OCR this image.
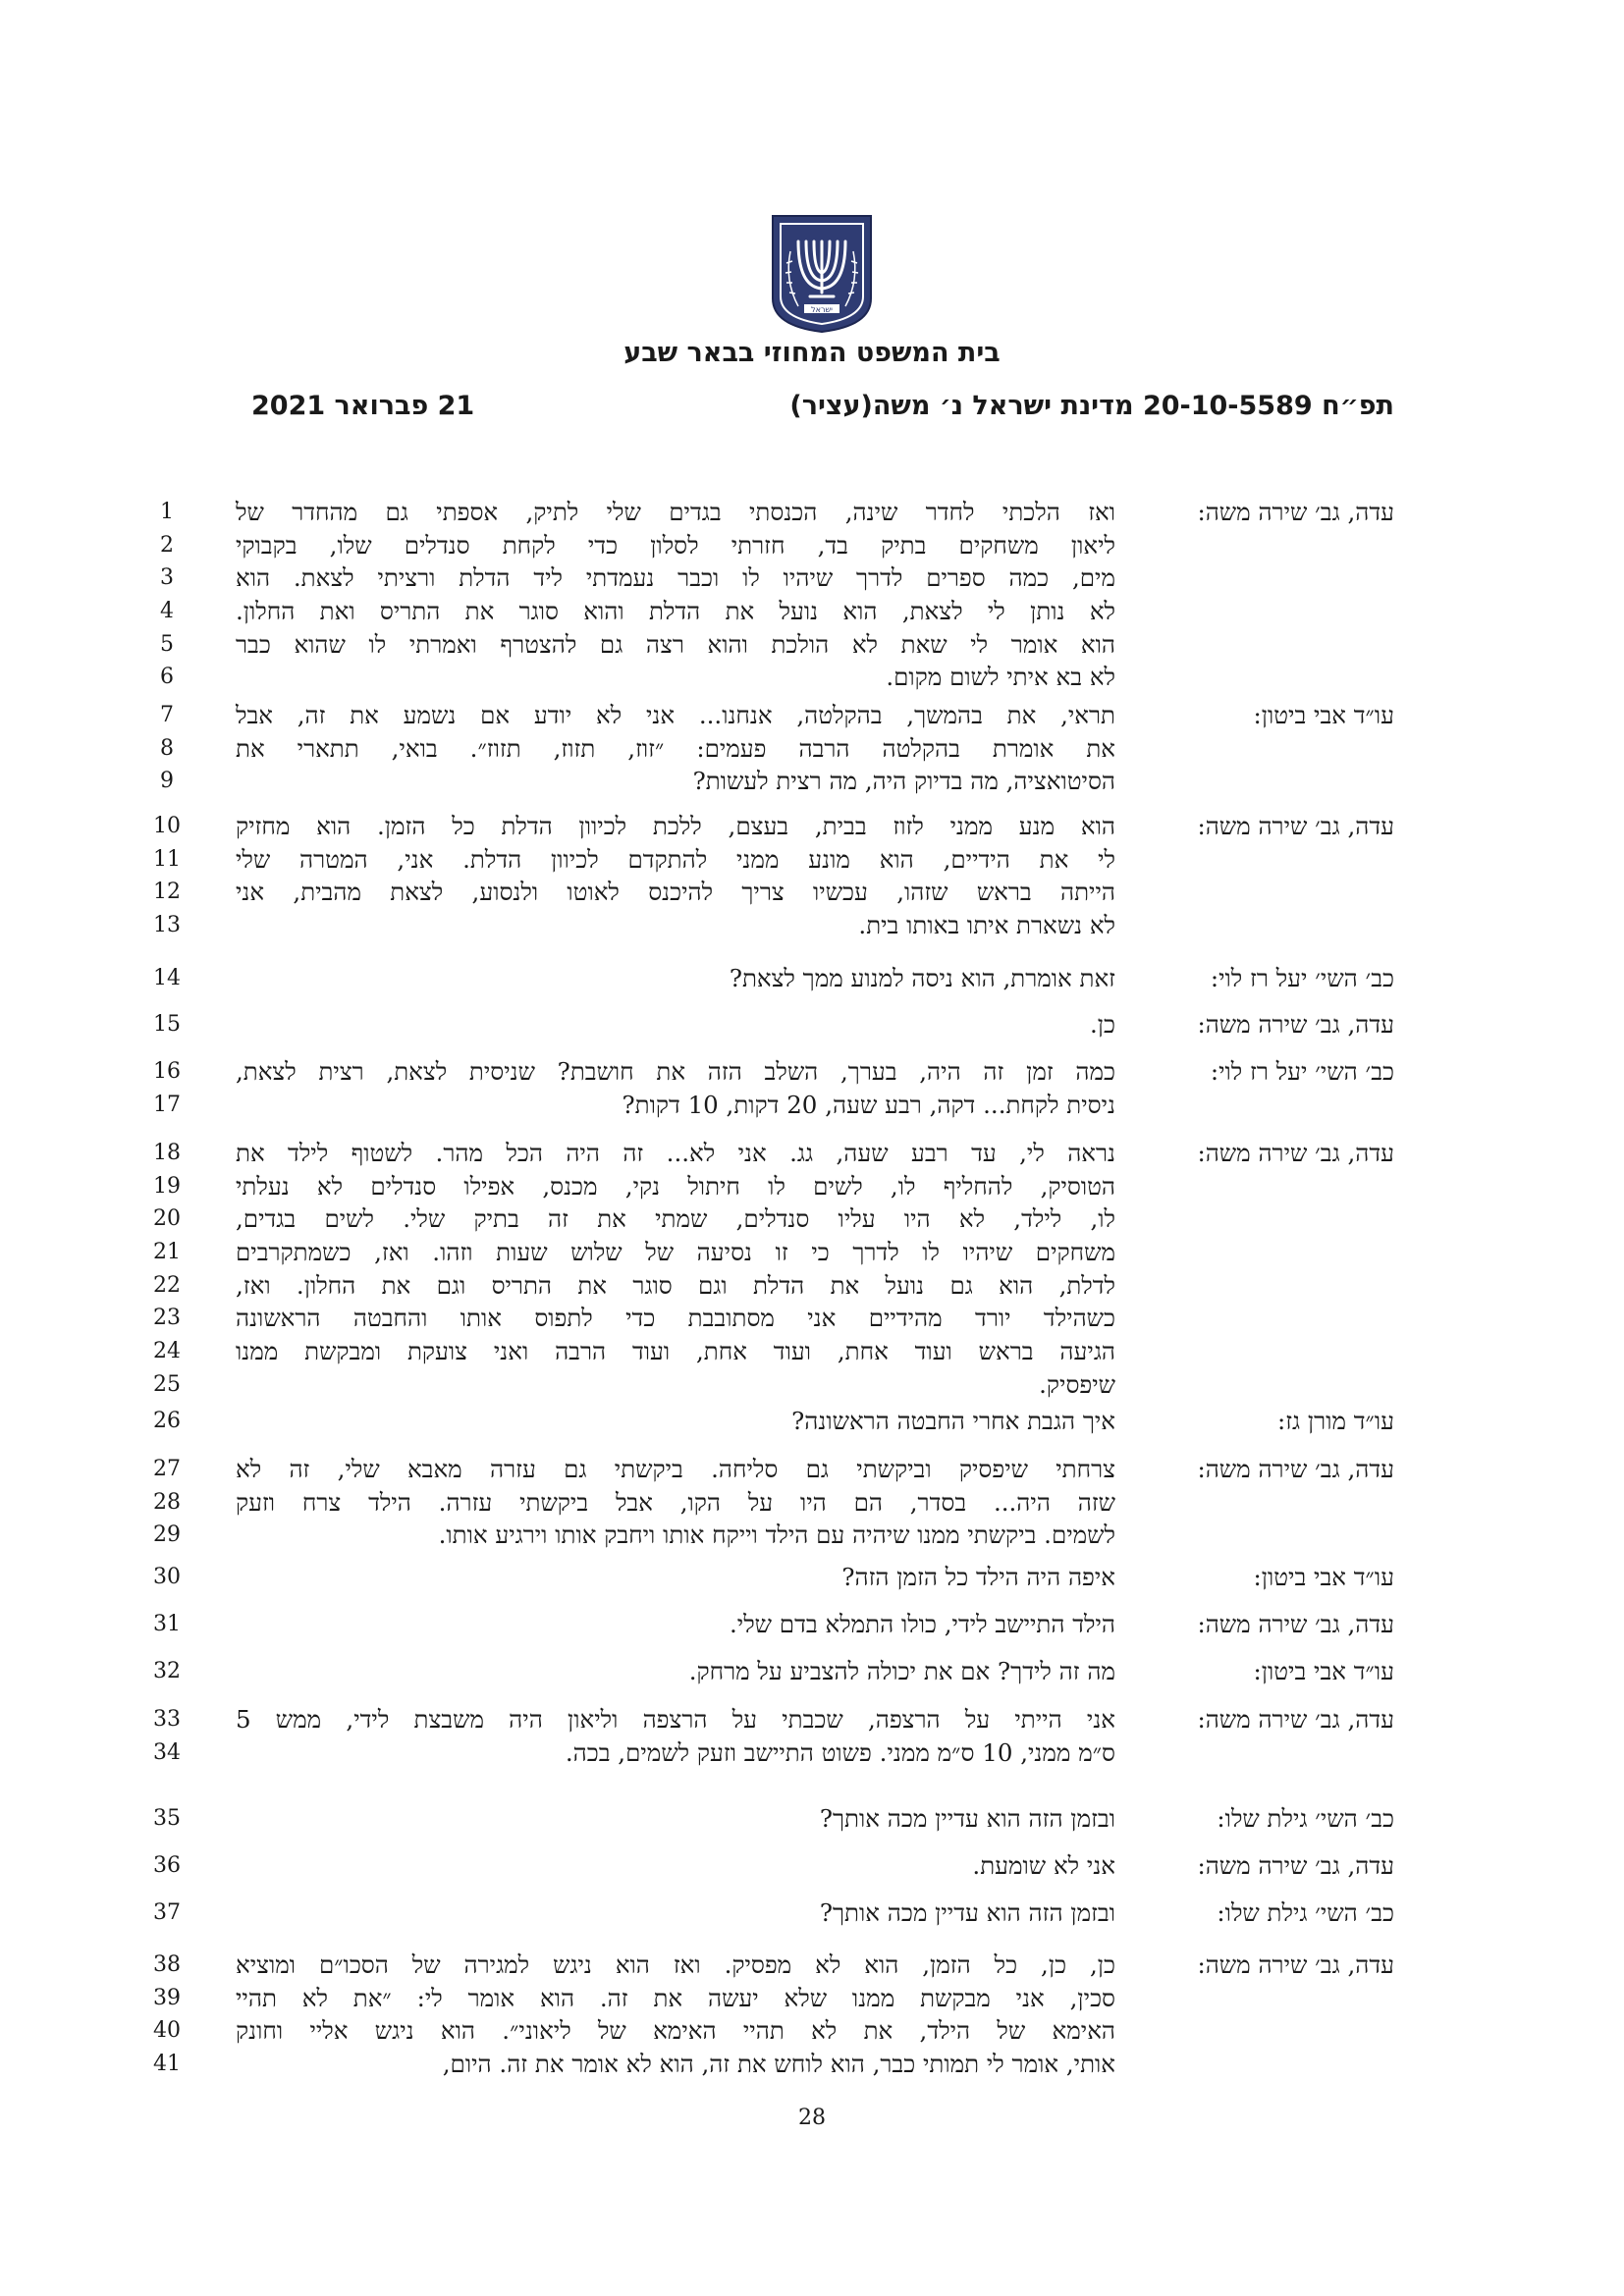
ישראל
בית המשפט המחוזי בבאר שבע
תפ״ח 20-10-5589 מדינת ישראל נ׳ משה(עציר)
21 פברואר 2021
עדה, גב׳ שירה משה:
ואז הלכתי לחדר שינה, הכנסתי בגדים שלי לתיק, אספתי גם מהחדר של
ליאון משחקים בתיק בד, חזרתי לסלון כדי לקחת סנדלים שלו, בקבוקי
מים, כמה ספרים לדרך שיהיו לו וכבר נעמדתי ליד הדלת ורציתי לצאת. הוא
לא נותן לי לצאת, הוא נועל את הדלת והוא סוגר את התריס ואת החלון.
הוא אומר לי שאת לא הולכת והוא רצה גם להצטרף ואמרתי לו שהוא כבר
לא בא איתי לשום מקום.
1
2
3
4
5
6
עו״ד אבי ביטון:
תראי, את בהמשך, בהקלטה, אנחנו... אני לא יודע אם נשמע את זה, אבל
את אומרת בהקלטה הרבה פעמים: ״זוז, תזוז, תזוז״. בואי, תתארי את
הסיטואציה, מה בדיוק היה, מה רצית לעשות?
7
8
9
עדה, גב׳ שירה משה:
הוא מנע ממני לזוז בבית, בעצם, ללכת לכיוון הדלת כל הזמן. הוא מחזיק
לי את הידיים, הוא מונע ממני להתקדם לכיוון הדלת. אני, המטרה שלי
הייתה בראש שזהו, עכשיו צריך להיכנס לאוטו ולנסוע, לצאת מהבית, אני
לא נשארת איתו באותו בית.
10
11
12
13
כב׳ השי׳ יעל רז לוי:
זאת אומרת, הוא ניסה למנוע ממך לצאת?
14
עדה, גב׳ שירה משה:
כן.
15
כב׳ השי׳ יעל רז לוי:
כמה זמן זה היה, בערך, השלב הזה את חושבת? שניסית לצאת, רצית לצאת,
ניסית לקחת... דקה, רבע שעה, 20 דקות, 10 דקות?
16
17
עדה, גב׳ שירה משה:
נראה לי, עד רבע שעה, גג. אני לא... זה היה הכל מהר. לשטוף לילד את
הטוסיק, להחליף לו, לשים לו חיתול נקי, מכנס, אפילו סנדלים לא נעלתי
לו, לילד, לא היו עליו סנדלים, שמתי את זה בתיק שלי. לשים בגדים,
משחקים שיהיו לו לדרך כי זו נסיעה של שלוש שעות וזהו. ואז, כשמתקרבים
לדלת, הוא גם נועל את הדלת וגם סוגר את התריס וגם את החלון. ואז,
כשהילד יורד מהידיים אני מסתובבת כדי לתפוס אותו והחבטה הראשונה
הגיעה בראש ועוד אחת, ועוד אחת, ועוד הרבה ואני צועקת ומבקשת ממנו
שיפסיק.
18
19
20
21
22
23
24
25
עו״ד מורן גז:
איך הגבת אחרי החבטה הראשונה?
26
עדה, גב׳ שירה משה:
צרחתי שיפסיק וביקשתי גם סליחה. ביקשתי גם עזרה מאבא שלי, זה לא
שזה היה... בסדר, הם היו על הקו, אבל ביקשתי עזרה. הילד צרח וזעק
לשמים. ביקשתי ממנו שיהיה עם הילד וייקח אותו ויחבק אותו וירגיע אותו.
27
28
29
עו״ד אבי ביטון:
איפה היה הילד כל הזמן הזה?
30
עדה, גב׳ שירה משה:
הילד התיישב לידי, כולו התמלא בדם שלי.
31
עו״ד אבי ביטון:
מה זה לידך? אם את יכולה להצביע על מרחק.
32
עדה, גב׳ שירה משה:
אני הייתי על הרצפה, שכבתי על הרצפה וליאון היה משבצת לידי, ממש 5
ס״מ ממני, 10 ס״מ ממני. פשוט התיישב וזעק לשמים, בכה.
33
34
כב׳ השי׳ גילת שלו:
ובזמן הזה הוא עדיין מכה אותך?
35
עדה, גב׳ שירה משה:
אני לא שומעת.
36
כב׳ השי׳ גילת שלו:
ובזמן הזה הוא עדיין מכה אותך?
37
עדה, גב׳ שירה משה:
כן, כן, כל הזמן, הוא לא מפסיק. ואז הוא ניגש למגירה של הסכו״ם ומוציא
סכין, אני מבקשת ממנו שלא יעשה את זה. הוא אומר לי: ״את לא תהיי
האימא של הילד, את לא תהיי האימא של ליאוני״. הוא ניגש אליי וחונק
אותי, אומר לי תמותי כבר, הוא לוחש את זה, הוא לא אומר את זה. היום,
38
39
40
41
28
